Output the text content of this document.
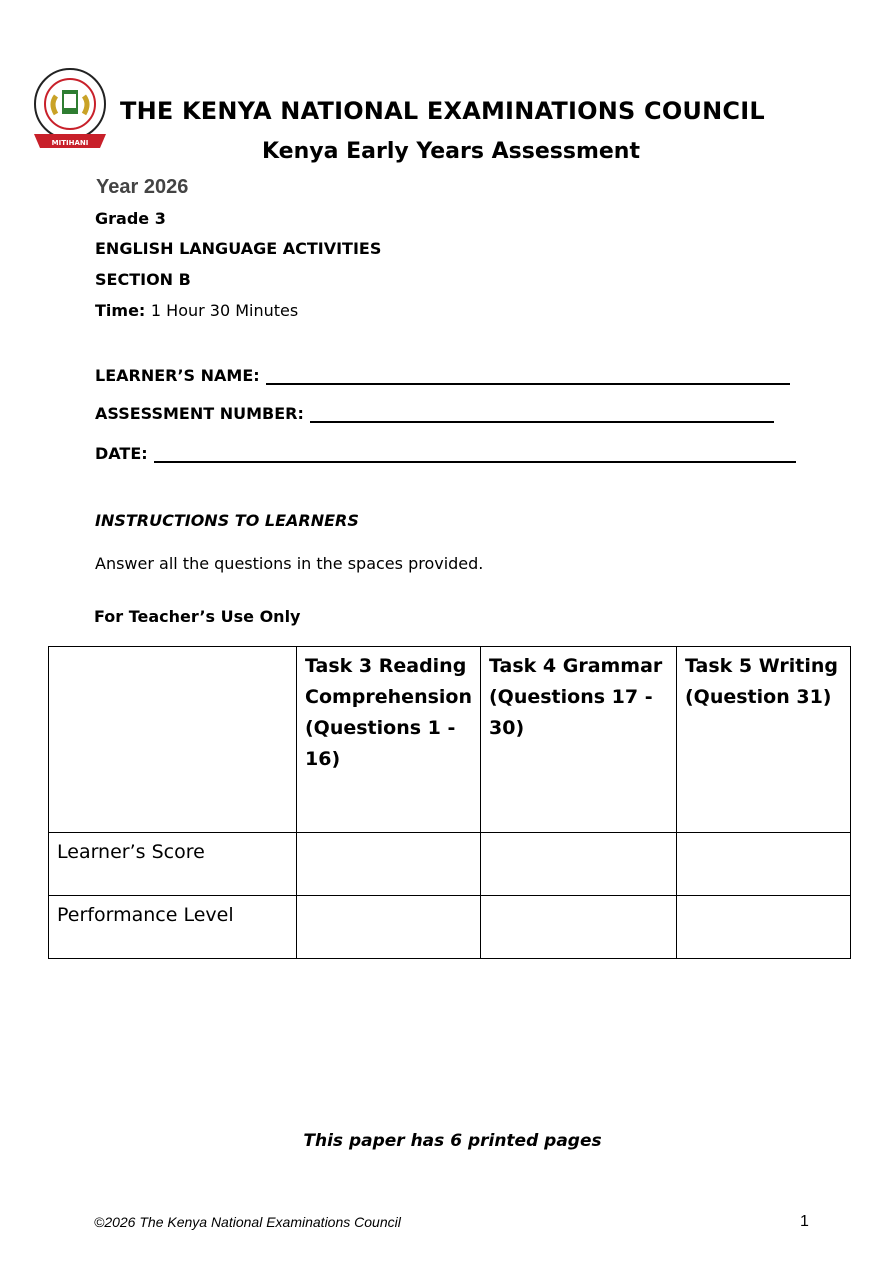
MITIHANI
THE KENYA NATIONAL EXAMINATIONS COUNCIL
Kenya Early Years Assessment
Year 2026
Grade 3
ENGLISH LANGUAGE ACTIVITIES
SECTION B
Time: 1 Hour 30 Minutes
LEARNER’S NAME:
ASSESSMENT NUMBER:
DATE:
INSTRUCTIONS TO LEARNERS
Answer all the questions in the spaces provided.
For Teacher’s Use Only
	Task 3 Reading Comprehension (Questions 1 - 16)	Task 4 Grammar (Questions 17 - 30)	Task 5 Writing (Question 31)
Learner’s Score			
Performance Level			
This paper has 6 printed pages
©2026 The Kenya National Examinations Council	1
